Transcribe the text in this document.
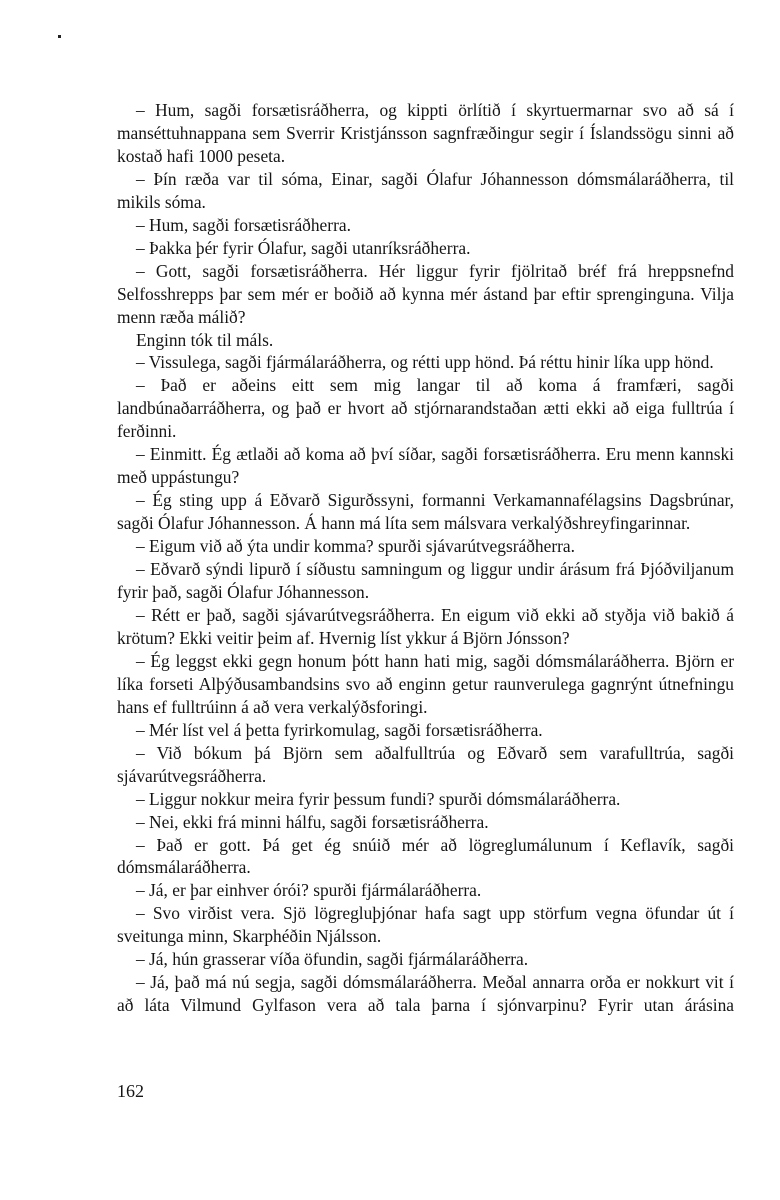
– Hum, sagði forsætisráðherra, og kippti örlítið í skyrtuermarnar svo að sá í manséttuhnappana sem Sverrir Kristjánsson sagnfræðingur segir í Íslandssögu sinni að kostað hafi 1000 peseta.

– Þín ræða var til sóma, Einar, sagði Ólafur Jóhannesson dómsmálaráðherra, til mikils sóma.

– Hum, sagði forsætisráðherra.

– Þakka þér fyrir Ólafur, sagði utanríksráðherra.

– Gott, sagði forsætisráðherra. Hér liggur fyrir fjölritað bréf frá hreppsnefnd Selfosshrepps þar sem mér er boðið að kynna mér ástand þar eftir sprenginguna. Vilja menn ræða málið?

Enginn tók til máls.

– Vissulega, sagði fjármálaráðherra, og rétti upp hönd. Þá réttu hinir líka upp hönd.

– Það er aðeins eitt sem mig langar til að koma á framfæri, sagði landbúnaðarráðherra, og það er hvort að stjórnarandstaðan ætti ekki að eiga fulltrúa í ferðinni.

– Einmitt. Ég ætlaði að koma að því síðar, sagði forsætisráðherra. Eru menn kannski með uppástungu?

– Ég sting upp á Eðvarð Sigurðssyni, formanni Verkamannafélagsins Dagsbrúnar, sagði Ólafur Jóhannesson. Á hann má líta sem málsvara verkalýðshreyfingarinnar.

– Eigum við að ýta undir komma? spurði sjávarútvegsráðherra.

– Eðvarð sýndi lipurð í síðustu samningum og liggur undir árásum frá Þjóðviljanum fyrir það, sagði Ólafur Jóhannesson.

– Rétt er það, sagði sjávarútvegsráðherra. En eigum við ekki að styðja við bakið á krötum? Ekki veitir þeim af. Hvernig líst ykkur á Björn Jónsson?

– Ég leggst ekki gegn honum þótt hann hati mig, sagði dómsmálaráðherra. Björn er líka forseti Alþýðusambandsins svo að enginn getur raunverulega gagnrýnt útnefningu hans ef fulltrúinn á að vera verkalýðsforingi.

– Mér líst vel á þetta fyrirkomulag, sagði forsætisráðherra.

– Við bókum þá Björn sem aðalfulltrúa og Eðvarð sem varafulltrúa, sagði sjávarútvegsráðherra.

– Liggur nokkur meira fyrir þessum fundi? spurði dómsmálaráðherra.

– Nei, ekki frá minni hálfu, sagði forsætisráðherra.

– Það er gott. Þá get ég snúið mér að lögreglumálunum í Keflavík, sagði dómsmálaráðherra.

– Já, er þar einhver órói? spurði fjármálaráðherra.

– Svo virðist vera. Sjö lögregluþjónar hafa sagt upp störfum vegna öfundar út í sveitunga minn, Skarphéðin Njálsson.

– Já, hún grasserar víða öfundin, sagði fjármálaráðherra.

– Já, það má nú segja, sagði dómsmálaráðherra. Meðal annarra orða er nokkurt vit í að láta Vilmund Gylfason vera að tala þarna í sjónvarpinu? Fyrir utan árásina

162
